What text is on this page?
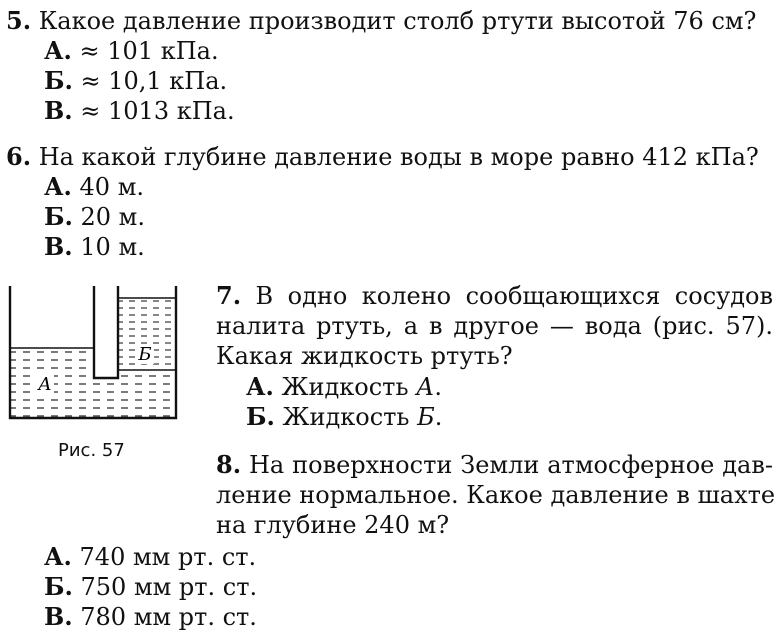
5. Какое давление производит столб ртути высотой 76 см?
А. ≈ 101 кПа.
Б. ≈ 10,1 кПа.
В. ≈ 1013 кПа.
6. На какой глубине давление воды в море равно 412 кПа?
А. 40 м.
Б. 20 м.
В. 10 м.
А
Б
Рис. 57
7. В одно колено сообщающихся сосудов
налита ртуть, а в другое — вода (рис. 57).
Какая жидкость ртуть?
А. Жидкость А.
Б. Жидкость Б.
8. На поверхности Земли атмосферное дав-
ление нормальное. Какое давление в шахте
на глубине 240 м?
А. 740 мм рт. ст.
Б. 750 мм рт. ст.
В. 780 мм рт. ст.
